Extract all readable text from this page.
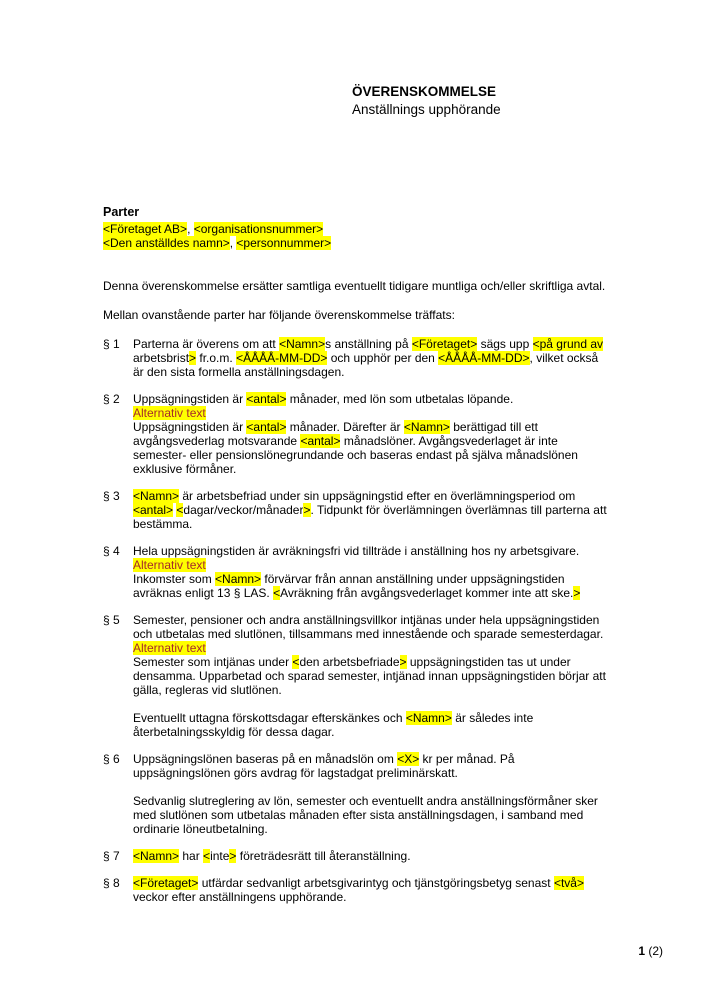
ÖVERENSKOMMELSE
Anställnings upphörande
Parter
<Företaget AB>, <organisationsnummer>
<Den anställdes namn>, <personnummer>
Denna överenskommelse ersätter samtliga eventuellt tidigare muntliga och/eller skriftliga avtal.
Mellan ovanstående parter har följande överenskommelse träffats:
§ 1	Parterna är överens om att <Namn>s anställning på <Företaget> sägs upp <på grund av
arbetsbrist> fr.o.m. <ÅÅÅÅ-MM-DD> och upphör per den <ÅÅÅÅ-MM-DD>, vilket också
är den sista formella anställningsdagen.
§ 2	Uppsägningstiden är <antal> månader, med lön som utbetalas löpande.
Alternativ text
Uppsägningstiden är <antal> månader. Därefter är <Namn> berättigad till ett
avgångsvederlag motsvarande <antal> månadslöner. Avgångsvederlaget är inte
semester- eller pensionslönegrundande och baseras endast på själva månadslönen
exklusive förmåner.
§ 3	<Namn> är arbetsbefriad under sin uppsägningstid efter en överlämningsperiod om
<antal> <dagar/veckor/månader>. Tidpunkt för överlämningen överlämnas till parterna att
bestämma.
§ 4	Hela uppsägningstiden är avräkningsfri vid tillträde i anställning hos ny arbetsgivare.
Alternativ text
Inkomster som <Namn> förvärvar från annan anställning under uppsägningstiden
avräknas enligt 13 § LAS. <Avräkning från avgångsvederlaget kommer inte att ske.>
§ 5	Semester, pensioner och andra anställningsvillkor intjänas under hela uppsägningstiden
och utbetalas med slutlönen, tillsammans med innestående och sparade semesterdagar.
Alternativ text
Semester som intjänas under <den arbetsbefriade> uppsägningstiden tas ut under
densamma. Upparbetad och sparad semester, intjänad innan uppsägningstiden börjar att
gälla, regleras vid slutlönen.
Eventuellt uttagna förskottsdagar efterskänkes och <Namn> är således inte
återbetalningsskyldig för dessa dagar.
§ 6	Uppsägningslönen baseras på en månadslön om <X> kr per månad. På
uppsägningslönen görs avdrag för lagstadgat preliminärskatt.
Sedvanlig slutreglering av lön, semester och eventuellt andra anställningsförmåner sker
med slutlönen som utbetalas månaden efter sista anställningsdagen, i samband med
ordinarie löneutbetalning.
§ 7	<Namn> har <inte> företrädesrätt till återanställning.
§ 8	<Företaget> utfärdar sedvanligt arbetsgivarintyg och tjänstgöringsbetyg senast <två>
veckor efter anställningens upphörande.
1 (2)
